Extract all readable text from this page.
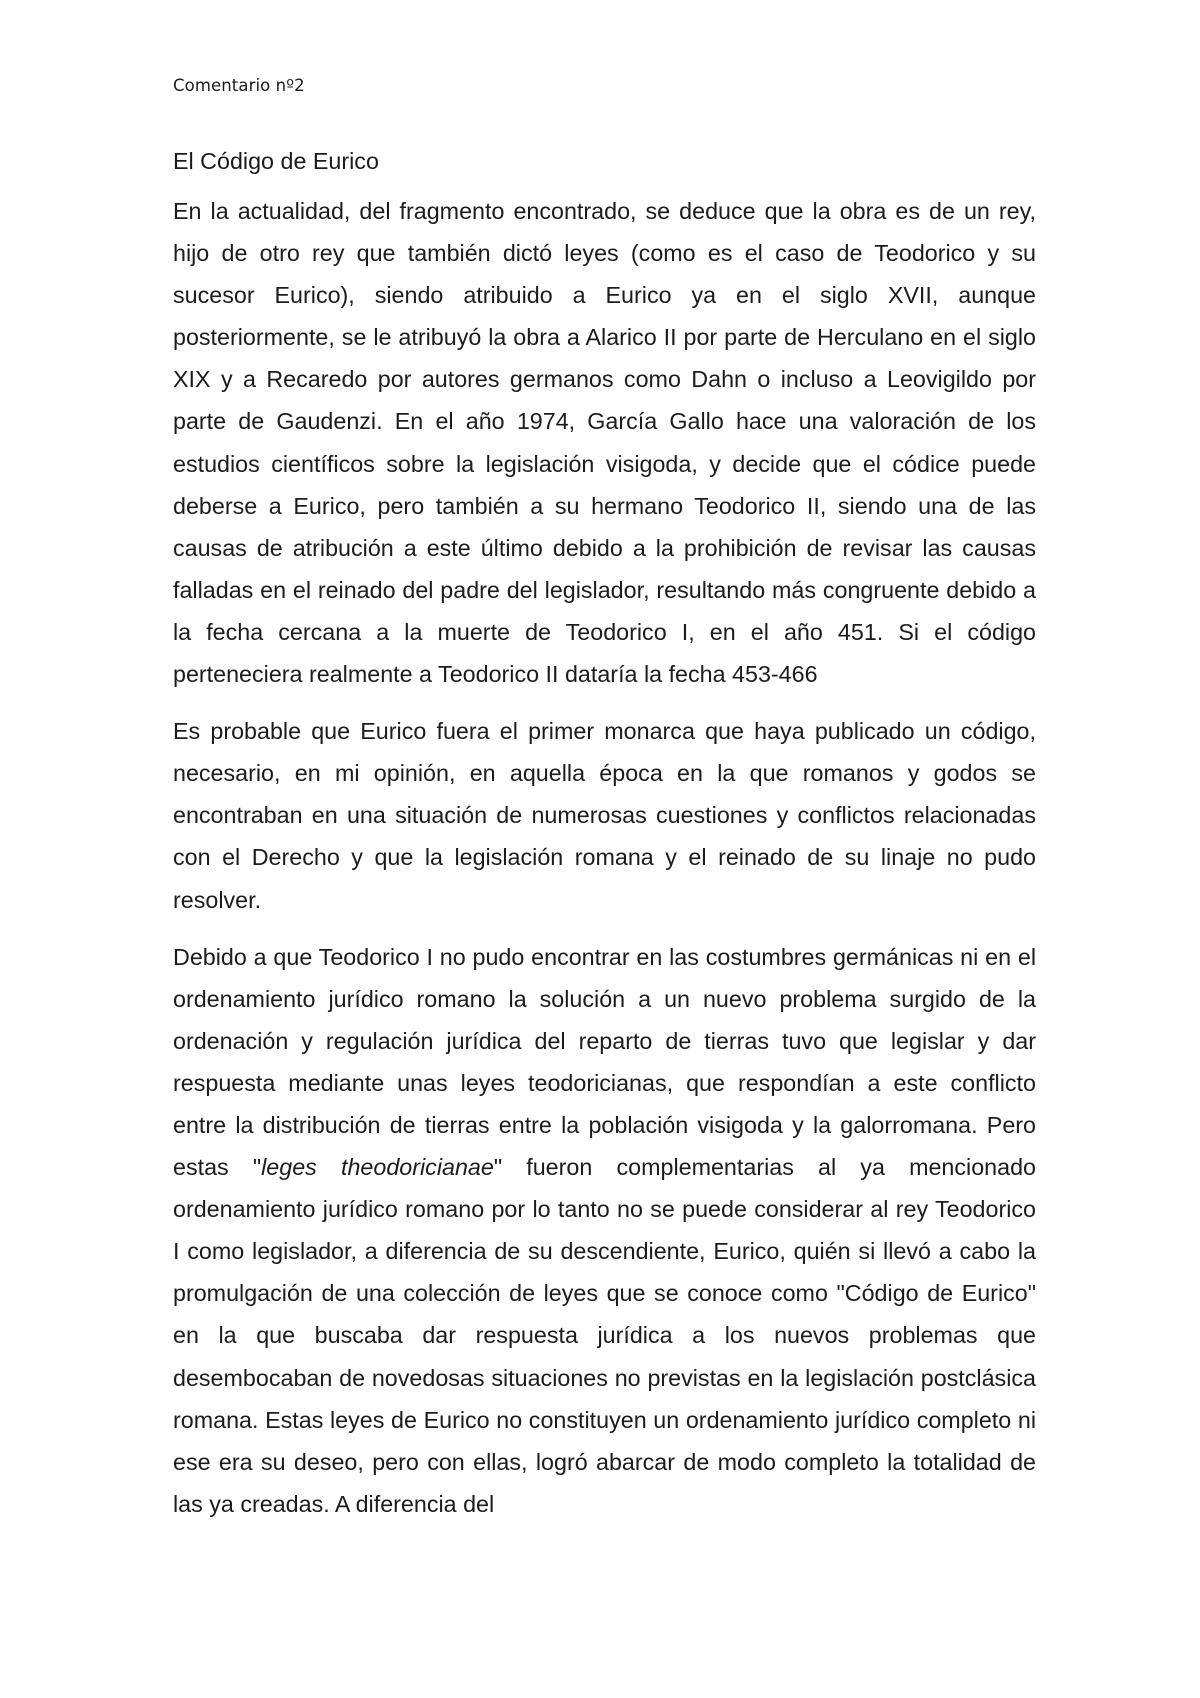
Comentario nº2
El Código de Eurico

En la actualidad, del fragmento encontrado, se deduce que la obra es de un rey, hijo de otro rey que también dictó leyes (como es el caso de Teodorico y su sucesor Eurico), siendo atribuido a Eurico ya en el siglo XVII, aunque posteriormente, se le atribuyó la obra a Alarico II por parte de Herculano en el siglo XIX y a Recaredo por autores germanos como Dahn o incluso a Leovigildo por parte de Gaudenzi. En el año 1974, García Gallo hace una valoración de los estudios científicos sobre la legislación visigoda, y decide que el códice puede deberse a Eurico, pero también a su hermano Teodorico II, siendo una de las causas de atribución a este último debido a la prohibición de revisar las causas falladas en el reinado del padre del legislador, resultando más congruente debido a la fecha cercana a la muerte de Teodorico I, en el año 451. Si el código perteneciera realmente a Teodorico II dataría la fecha 453-466

Es probable que Eurico fuera el primer monarca que haya publicado un código, necesario, en mi opinión, en aquella época en la que romanos y godos se encontraban en una situación de numerosas cuestiones y conflictos relacionadas con el Derecho y que la legislación romana y el reinado de su linaje no pudo resolver.

Debido a que Teodorico I no pudo encontrar en las costumbres germánicas ni en el ordenamiento jurídico romano la solución a un nuevo problema surgido de la ordenación y regulación jurídica del reparto de tierras tuvo que legislar y dar respuesta mediante unas leyes teodoricianas, que respondían a este conflicto entre la distribución de tierras entre la población visigoda y la galorromana. Pero estas "leges theodoricianae" fueron complementarias al ya mencionado ordenamiento jurídico romano por lo tanto no se puede considerar al rey Teodorico I como legislador, a diferencia de su descendiente, Eurico, quién si llevó a cabo la promulgación de una colección de leyes que se conoce como "Código de Eurico" en la que buscaba dar respuesta jurídica a los nuevos problemas que desembocaban de novedosas situaciones no previstas en la legislación postclásica romana. Estas leyes de Eurico no constituyen un ordenamiento jurídico completo ni ese era su deseo, pero con ellas, logró abarcar de modo completo la totalidad de las ya creadas. A diferencia del
